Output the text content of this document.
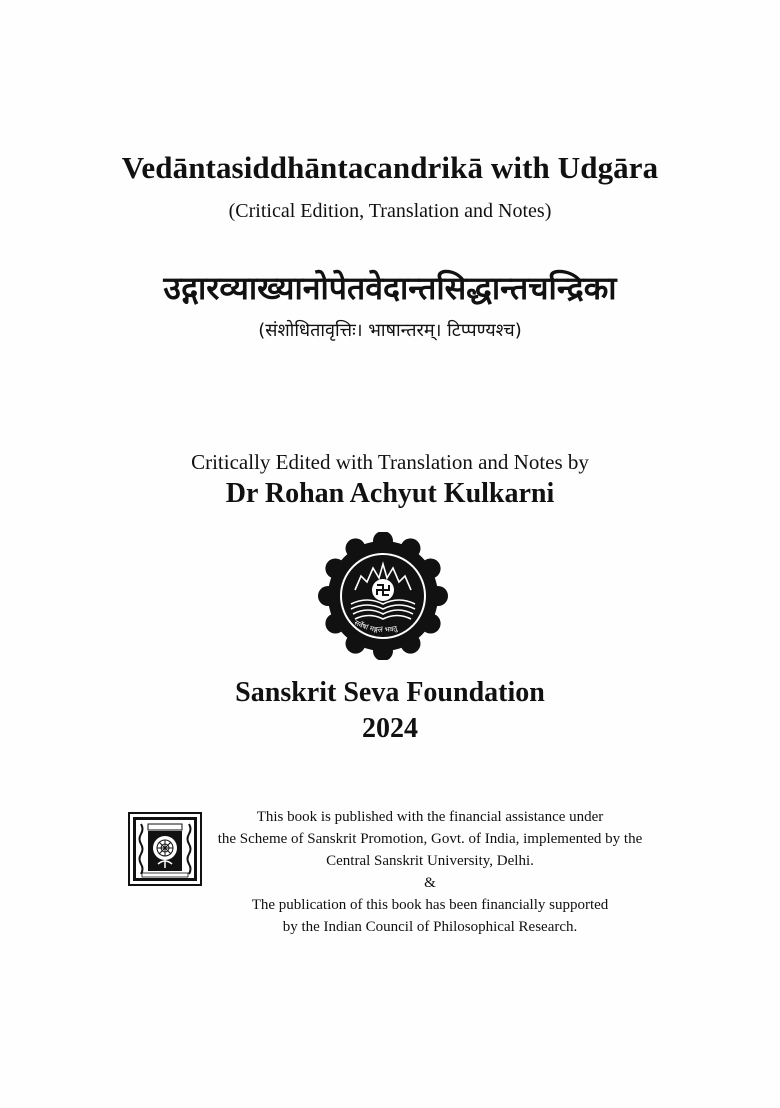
Vedāntasiddhāntacandrikā with Udgāra
(Critical Edition, Translation and Notes)
उद्गारव्याख्यानोपेतवेदान्तसिद्धान्तचन्द्रिका
(संशोधितावृत्तिः। भाषान्तरम्। टिप्पण्यश्च)
Critically Edited with Translation and Notes by
Dr Rohan Achyut Kulkarni
सर्वेषां मङ्गलं भवतु
Sanskrit Seva Foundation
2024
This book is published with the financial assistance under
the Scheme of Sanskrit Promotion, Govt. of India, implemented by the
Central Sanskrit University, Delhi.
&
The publication of this book has been financially supported
by the Indian Council of Philosophical Research.
